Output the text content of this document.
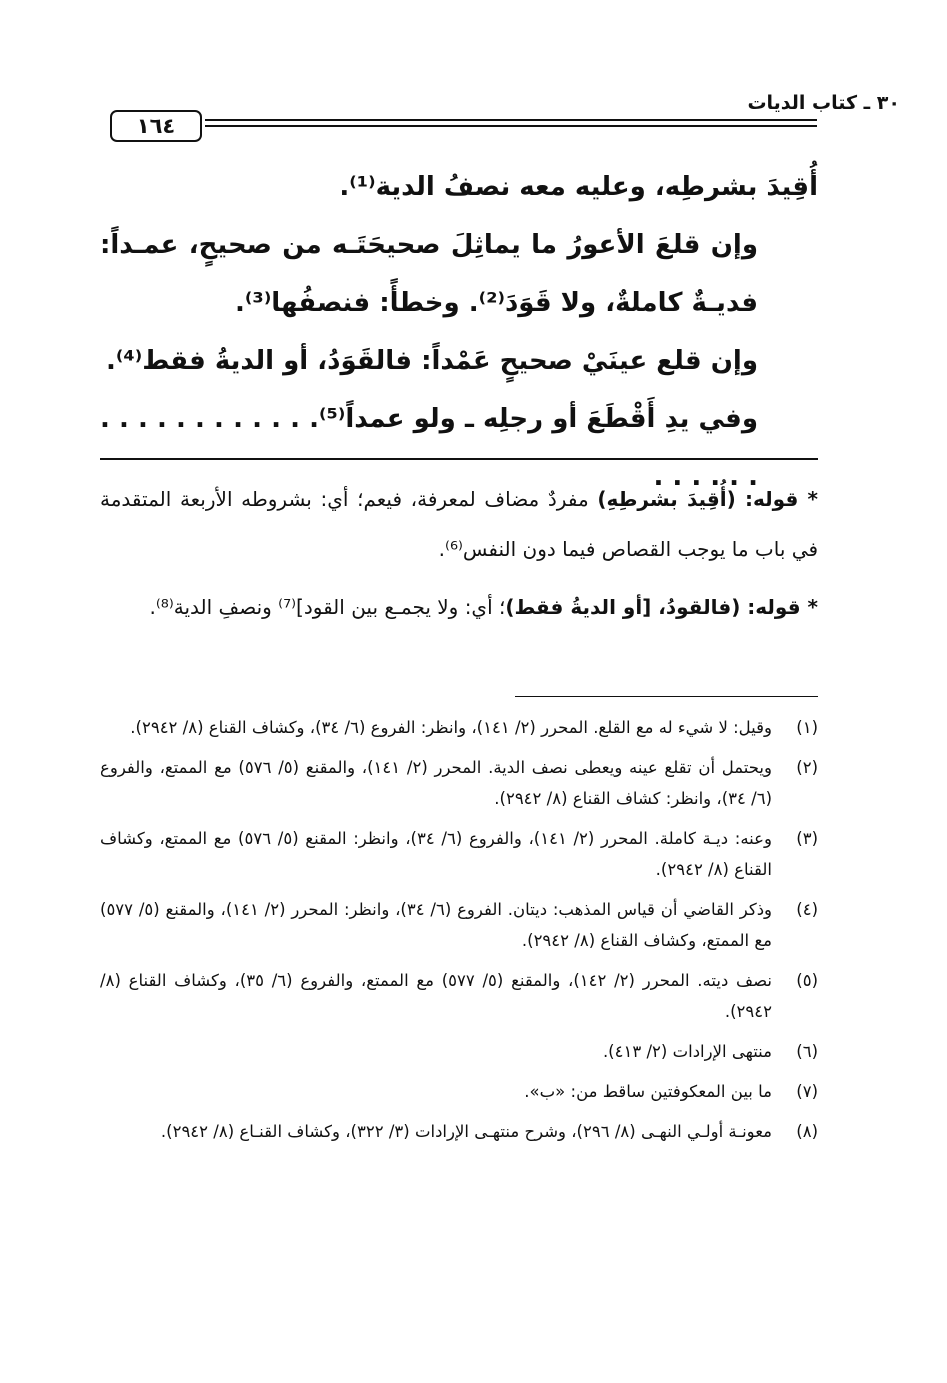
٣٠ ـ كتاب الديات
١٦٤

أُقِيدَ بشرطِه، وعليه معه نصفُ الدية⁽¹⁾.

وإن قلعَ الأعورُ ما يماثِلَ صحيحَتَـه من صحيحٍ، عمـداً: فديـةٌ كاملةٌ، ولا قَوَدَ⁽²⁾. وخطأً: فنصفُها⁽³⁾.

وإن قلع عينَيْ صحيحٍ عَمْداً: فالقَوَدُ، أو الديةُ فقط⁽⁴⁾.

وفي يدِ أَقْطَعَ أو رجلِه ـ ولو عمداً⁽⁵⁾. . . . . . . . . . . . . . . . . .

* قوله: (أُقِيدَ بشرطِهِ) مفردٌ مضاف لمعرفة، فيعم؛ أي: بشروطه الأربعة المتقدمة في باب ما يوجب القصاص فيما دون النفس⁽⁶⁾.

* قوله: (فالقودُ، [أو الديةُ فقط)؛ أي: ولا يجمـع بين القود]⁽⁷⁾ ونصفِ الدية⁽⁸⁾.

(١)
وقيل: لا شيء له مع القلع. المحرر (٢/ ١٤١)، وانظر: الفروع (٦/ ٣٤)، وكشاف القناع (٨/ ٢٩٤٢).
(٢)
ويحتمل أن تقلع عينه ويعطى نصف الدية. المحرر (٢/ ١٤١)، والمقنع (٥/ ٥٧٦) مع الممتع، والفروع (٦/ ٣٤)، وانظر: كشاف القناع (٨/ ٢٩٤٢).
(٣)
وعنه: ديـة كاملة. المحرر (٢/ ١٤١)، والفروع (٦/ ٣٤)، وانظر: المقنع (٥/ ٥٧٦) مع الممتع، وكشاف القناع (٨/ ٢٩٤٢).
(٤)
وذكر القاضي أن قياس المذهب: ديتان. الفروع (٦/ ٣٤)، وانظر: المحرر (٢/ ١٤١)، والمقنع (٥/ ٥٧٧) مع الممتع، وكشاف القناع (٨/ ٢٩٤٢).
(٥)
نصف ديته. المحرر (٢/ ١٤٢)، والمقنع (٥/ ٥٧٧) مع الممتع، والفروع (٦/ ٣٥)، وكشاف القناع (٨/ ٢٩٤٢).
(٦)
منتهى الإرادات (٢/ ٤١٣).
(٧)
ما بين المعكوفتين ساقط من: «ب».
(٨)
معونـة أولـي النهـى (٨/ ٢٩٦)، وشرح منتهـى الإرادات (٣/ ٣٢٢)، وكشاف القنـاع (٨/ ٢٩٤٢).
